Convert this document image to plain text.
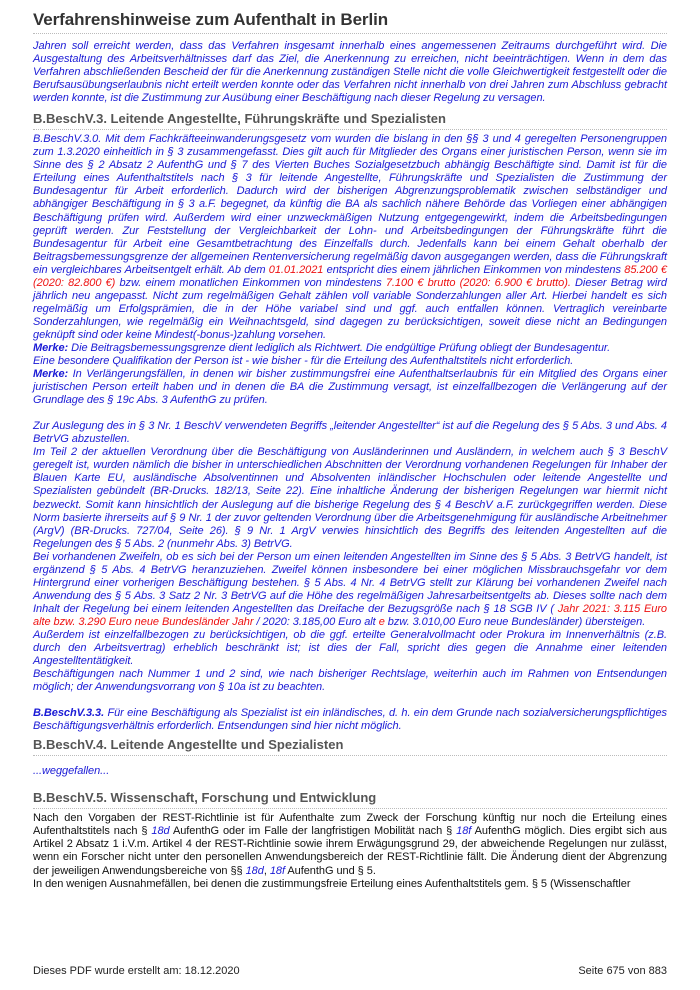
Verfahrenshinweise zum Aufenthalt in Berlin

Jahren soll erreicht werden, dass das Verfahren insgesamt innerhalb eines angemessenen Zeitraums durchgeführt wird. Die Ausgestaltung des Arbeitsverhältnisses darf das Ziel, die Anerkennung zu erreichen, nicht beeinträchtigen. Wenn in dem das Verfahren abschließenden Bescheid der für die Anerkennung zuständigen Stelle nicht die volle Gleichwertigkeit festgestellt oder die Berufsausübungserlaubnis nicht erteilt werden konnte oder das Verfahren nicht innerhalb von drei Jahren zum Abschluss gebracht werden konnte, ist die Zustimmung zur Ausübung einer Beschäftigung nach dieser Regelung zu versagen.

B.BeschV.3. Leitende Angestellte, Führungskräfte und Spezialisten

B.BeschV.3.0. Mit dem Fachkräfteeinwanderungsgesetz vom wurden die bislang in den §§ 3 und 4 geregelten Personengruppen zum 1.3.2020 einheitlich in § 3 zusammengefasst. Dies gilt auch für Mitglieder des Organs einer juristischen Person, wenn sie im Sinne des § 2 Absatz 2 AufenthG und § 7 des Vierten Buches Sozialgesetzbuch abhängig Beschäftigte sind. Damit ist für die Erteilung eines Aufenthaltstitels nach § 3 für leitende Angestellte, Führungskräfte und Spezialisten die Zustimmung der Bundesagentur für Arbeit erforderlich. Dadurch wird der bisherigen Abgrenzungsproblematik zwischen selbständiger und abhängiger Beschäftigung in § 3 a.F. begegnet, da künftig die BA als sachlich nähere Behörde das Vorliegen einer abhängigen Beschäftigung prüfen wird. Außerdem wird einer unzweckmäßigen Nutzung entgegengewirkt, indem die Arbeitsbedingungen geprüft werden. Zur Feststellung der Vergleichbarkeit der Lohn- und Arbeitsbedingungen der Führungskräfte führt die Bundesagentur für Arbeit eine Gesamtbetrachtung des Einzelfalls durch. Jedenfalls kann bei einem Gehalt oberhalb der Beitragsbemessungsgrenze der allgemeinen Rentenversicherung regelmäßig davon ausgegangen werden, dass die Führungskraft ein vergleichbares Arbeitsentgelt erhält. Ab dem 01.01.2021 entspricht dies einem jährlichen Einkommen von mindestens 85.200 € (2020: 82.800 €) bzw. einem monatlichen Einkommen von mindestens 7.100 € brutto (2020: 6.900 € brutto). Dieser Betrag wird jährlich neu angepasst. Nicht zum regelmäßigen Gehalt zählen voll variable Sonderzahlungen aller Art. Hierbei handelt es sich regelmäßig um Erfolgsprämien, die in der Höhe variabel sind und ggf. auch entfallen können. Vertraglich vereinbarte Sonderzahlungen, wie regelmäßig ein Weihnachtsgeld, sind dagegen zu berücksichtigen, soweit diese nicht an Bedingungen geknüpft sind oder keine Mindest(-bonus-)zahlung vorsehen.

Merke: Die Beitragsbemessungsgrenze dient lediglich als Richtwert. Die endgültige Prüfung obliegt der Bundesagentur.

Eine besondere Qualifikation der Person ist - wie bisher - für die Erteilung des Aufenthaltstitels nicht erforderlich.

Merke: In Verlängerungsfällen, in denen wir bisher zustimmungsfrei eine Aufenthaltserlaubnis für ein Mitglied des Organs einer juristischen Person erteilt haben und in denen die BA die Zustimmung versagt, ist einzelfallbezogen die Verlängerung auf der Grundlage des § 19c Abs. 3 AufenthG zu prüfen.

Zur Auslegung des in § 3 Nr. 1 BeschV verwendeten Begriffs „leitender Angestellter“ ist auf die Regelung des § 5 Abs. 3 und Abs. 4 BetrVG abzustellen.

Im Teil 2 der aktuellen Verordnung über die Beschäftigung von Ausländerinnen und Ausländern, in welchem auch § 3 BeschV geregelt ist, wurden nämlich die bisher in unterschiedlichen Abschnitten der Verordnung vorhandenen Regelungen für Inhaber der Blauen Karte EU, ausländische Absolventinnen und Absolventen inländischer Hochschulen oder leitende Angestellte und Spezialisten gebündelt (BR-Drucks. 182/13, Seite 22). Eine inhaltliche Änderung der bisherigen Regelungen war hiermit nicht bezweckt. Somit kann hinsichtlich der Auslegung auf die bisherige Regelung des § 4 BeschV a.F. zurückgegriffen werden. Diese Norm basierte ihrerseits auf § 9 Nr. 1 der zuvor geltenden Verordnung über die Arbeitsgenehmigung für ausländische Arbeitnehmer (ArgV) (BR-Drucks. 727/04, Seite 26). § 9 Nr. 1 ArgV verwies hinsichtlich des Begriffs des leitenden Angestellten auf die Regelungen des § 5 Abs. 2 (nunmehr Abs. 3) BetrVG.

Bei vorhandenen Zweifeln, ob es sich bei der Person um einen leitenden Angestellten im Sinne des § 5 Abs. 3 BetrVG handelt, ist ergänzend § 5 Abs. 4 BetrVG heranzuziehen. Zweifel können insbesondere bei einer möglichen Missbrauchsgefahr vor dem Hintergrund einer vorherigen Beschäftigung bestehen. § 5 Abs. 4 Nr. 4 BetrVG stellt zur Klärung bei vorhandenen Zweifel nach Anwendung des § 5 Abs. 3 Satz 2 Nr. 3 BetrVG auf die Höhe des regelmäßigen Jahresarbeitsentgelts ab. Dieses sollte nach dem Inhalt der Regelung bei einem leitenden Angestellten das Dreifache der Bezugsgröße nach § 18 SGB IV ( Jahr 2021: 3.115 Euro alte bzw. 3.290 Euro neue Bundesländer Jahr / 2020: 3.185,00 Euro alt e bzw. 3.010,00 Euro neue Bundesländer) übersteigen.

Außerdem ist einzelfallbezogen zu berücksichtigen, ob die ggf. erteilte Generalvollmacht oder Prokura im Innenverhältnis (z.B. durch den Arbeitsvertrag) erheblich beschränkt ist; ist dies der Fall, spricht dies gegen die Annahme einer leitenden Angestelltentätigkeit.

Beschäftigungen nach Nummer 1 und 2 sind, wie nach bisheriger Rechtslage, weiterhin auch im Rahmen von Entsendungen möglich; der Anwendungsvorrang von § 10a ist zu beachten.

B.BeschV.3.3. Für eine Beschäftigung als Spezialist ist ein inländisches, d. h. ein dem Grunde nach sozialversicherungspflichtiges Beschäftigungsverhältnis erforderlich. Entsendungen sind hier nicht möglich.

B.BeschV.4. Leitende Angestellte und Spezialisten

...weggefallen...

B.BeschV.5. Wissenschaft, Forschung und Entwicklung

Nach den Vorgaben der REST-Richtlinie ist für Aufenthalte zum Zweck der Forschung künftig nur noch die Erteilung eines Aufenthaltstitels nach § 18d AufenthG oder im Falle der langfristigen Mobilität nach § 18f AufenthG möglich. Dies ergibt sich aus Artikel 2 Absatz 1 i.V.m. Artikel 4 der REST-Richtlinie sowie ihrem Erwägungsgrund 29, der abweichende Regelungen nur zulässt, wenn ein Forscher nicht unter den personellen Anwendungsbereich der REST-Richtlinie fällt. Die Änderung dient der Abgrenzung der jeweiligen Anwendungsbereiche von §§ 18d, 18f AufenthG und § 5.

In den wenigen Ausnahmefällen, bei denen die zustimmungsfreie Erteilung eines Aufenthaltstitels gem. § 5 (Wissenschaftler

Dieses PDF wurde erstellt am: 18.12.2020	Seite 675 von 883
